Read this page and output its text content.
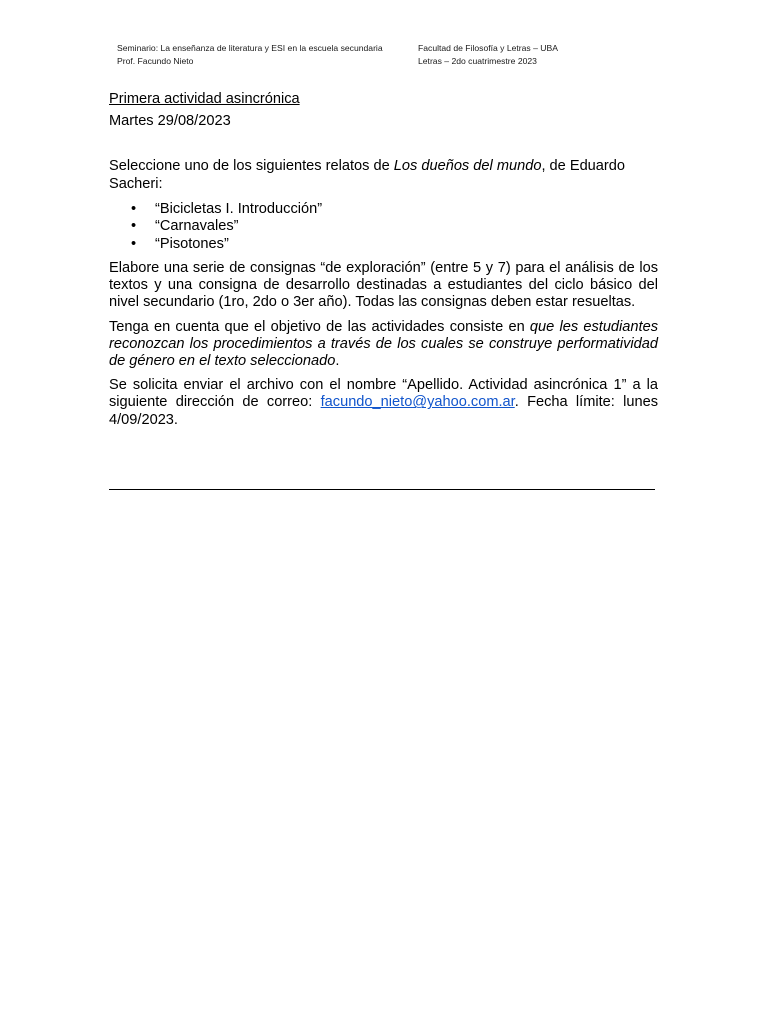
Seminario: La enseñanza de literatura y ESI en la escuela secundaria
Prof. Facundo Nieto
Facultad de Filosofía y Letras – UBA
Letras – 2do cuatrimestre 2023
Primera actividad asincrónica
Martes 29/08/2023

Seleccione uno de los siguientes relatos de Los dueños del mundo, de Eduardo Sacheri:

• “Bicicletas I. Introducción”
• “Carnavales”
• “Pisotones”

Elabore una serie de consignas “de exploración” (entre 5 y 7) para el análisis de los textos y una consigna de desarrollo destinadas a estudiantes del ciclo básico del nivel secundario (1ro, 2do o 3er año). Todas las consignas deben estar resueltas.

Tenga en cuenta que el objetivo de las actividades consiste en que les estudiantes reconozcan los procedimientos a través de los cuales se construye performatividad de género en el texto seleccionado.

Se solicita enviar el archivo con el nombre “Apellido. Actividad asincrónica 1” a la siguiente dirección de correo: facundo_nieto@yahoo.com.ar. Fecha límite: lunes 4/09/2023.
